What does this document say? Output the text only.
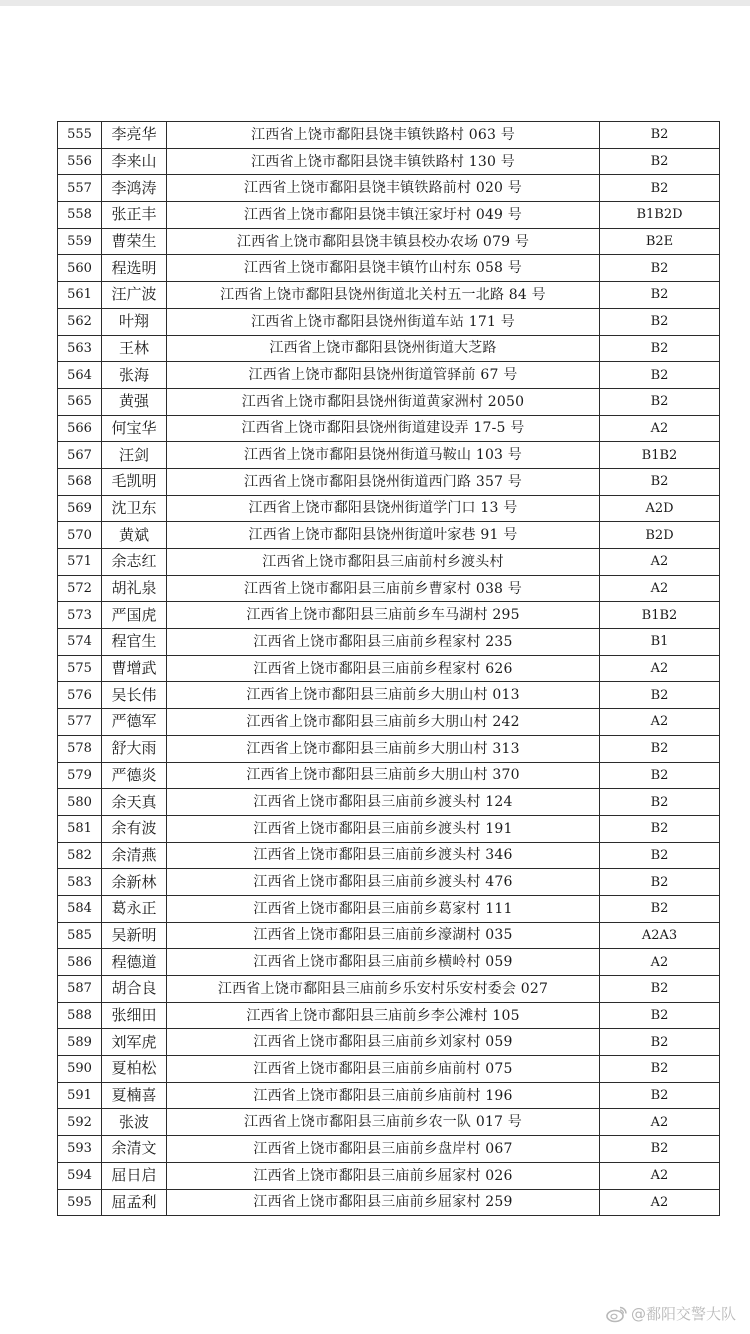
555	李亮华	江西省上饶市鄱阳县饶丰镇铁路村 063 号	B2
556	李来山	江西省上饶市鄱阳县饶丰镇铁路村 130 号	B2
557	李鸿涛	江西省上饶市鄱阳县饶丰镇铁路前村 020 号	B2
558	张正丰	江西省上饶市鄱阳县饶丰镇汪家圩村 049 号	B1B2D
559	曹荣生	江西省上饶市鄱阳县饶丰镇县校办农场 079 号	B2E
560	程选明	江西省上饶市鄱阳县饶丰镇竹山村东 058 号	B2
561	汪广波	江西省上饶市鄱阳县饶州街道北关村五一北路 84 号	B2
562	叶翔	江西省上饶市鄱阳县饶州街道车站 171 号	B2
563	王林	江西省上饶市鄱阳县饶州街道大芝路	B2
564	张海	江西省上饶市鄱阳县饶州街道管驿前 67 号	B2
565	黄强	江西省上饶市鄱阳县饶州街道黄家洲村 2050	B2
566	何宝华	江西省上饶市鄱阳县饶州街道建设弄 17-5 号	A2
567	汪剑	江西省上饶市鄱阳县饶州街道马鞍山 103 号	B1B2
568	毛凯明	江西省上饶市鄱阳县饶州街道西门路 357 号	B2
569	沈卫东	江西省上饶市鄱阳县饶州街道学门口 13 号	A2D
570	黄斌	江西省上饶市鄱阳县饶州街道叶家巷 91 号	B2D
571	余志红	江西省上饶市鄱阳县三庙前村乡渡头村	A2
572	胡礼泉	江西省上饶市鄱阳县三庙前乡曹家村 038 号	A2
573	严国虎	江西省上饶市鄱阳县三庙前乡车马湖村 295	B1B2
574	程官生	江西省上饶市鄱阳县三庙前乡程家村 235	B1
575	曹增武	江西省上饶市鄱阳县三庙前乡程家村 626	A2
576	吴长伟	江西省上饶市鄱阳县三庙前乡大朋山村 013	B2
577	严德军	江西省上饶市鄱阳县三庙前乡大朋山村 242	A2
578	舒大雨	江西省上饶市鄱阳县三庙前乡大朋山村 313	B2
579	严德炎	江西省上饶市鄱阳县三庙前乡大朋山村 370	B2
580	余天真	江西省上饶市鄱阳县三庙前乡渡头村 124	B2
581	余有波	江西省上饶市鄱阳县三庙前乡渡头村 191	B2
582	余清燕	江西省上饶市鄱阳县三庙前乡渡头村 346	B2
583	余新林	江西省上饶市鄱阳县三庙前乡渡头村 476	B2
584	葛永正	江西省上饶市鄱阳县三庙前乡葛家村 111	B2
585	吴新明	江西省上饶市鄱阳县三庙前乡濠湖村 035	A2A3
586	程德道	江西省上饶市鄱阳县三庙前乡横岭村 059	A2
587	胡合良	江西省上饶市鄱阳县三庙前乡乐安村乐安村委会 027	B2
588	张细田	江西省上饶市鄱阳县三庙前乡李公滩村 105	B2
589	刘军虎	江西省上饶市鄱阳县三庙前乡刘家村 059	B2
590	夏柏松	江西省上饶市鄱阳县三庙前乡庙前村 075	B2
591	夏楠喜	江西省上饶市鄱阳县三庙前乡庙前村 196	B2
592	张波	江西省上饶市鄱阳县三庙前乡农一队 017 号	A2
593	余清文	江西省上饶市鄱阳县三庙前乡盘岸村 067	B2
594	屈日启	江西省上饶市鄱阳县三庙前乡屈家村 026	A2
595	屈孟利	江西省上饶市鄱阳县三庙前乡屈家村 259	A2
@鄱阳交警大队
